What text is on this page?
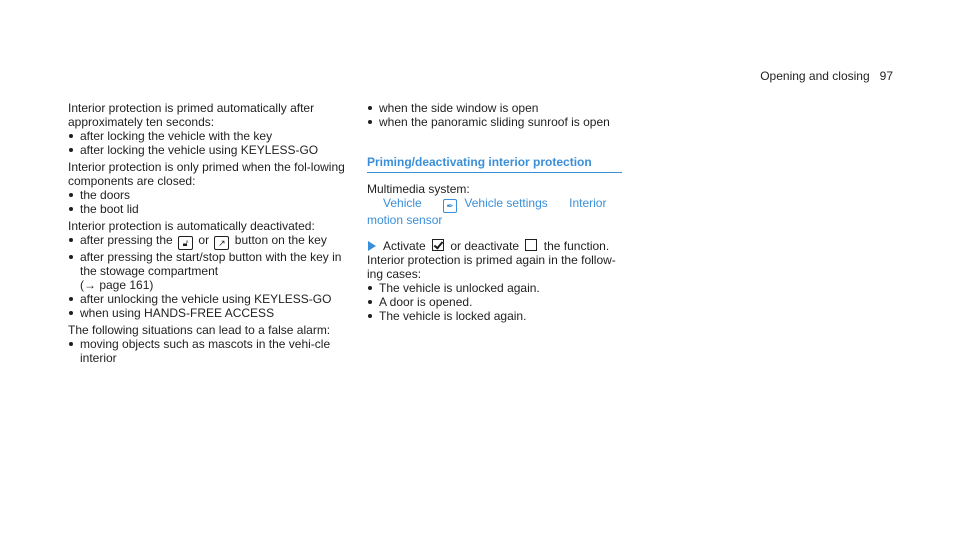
Opening and closing 97

Interior protection is primed automatically after approximately ten seconds:

after locking the vehicle with the key
after locking the vehicle using KEYLESS-GO

Interior protection is only primed when the fol-lowing components are closed:

the doors
the boot lid

Interior protection is automatically deactivated:

after pressing the 🔓︎ or ↗ button on the key
after pressing the start/stop button with the key in the stowage compartment
(→ page 161)
after unlocking the vehicle using KEYLESS-GO
when using HANDS-FREE ACCESS

The following situations can lead to a false alarm:

moving objects such as mascots in the vehi-cle interior
when the side window is open
when the panoramic sliding sunroof is open
Priming/deactivating interior protection

Multimedia system:

Vehicle	✒ Vehicle settings Interior
motion sensor

Activate or deactivate the function.

Interior protection is primed again in the follow-ing cases:

The vehicle is unlocked again.
A door is opened.
The vehicle is locked again.
